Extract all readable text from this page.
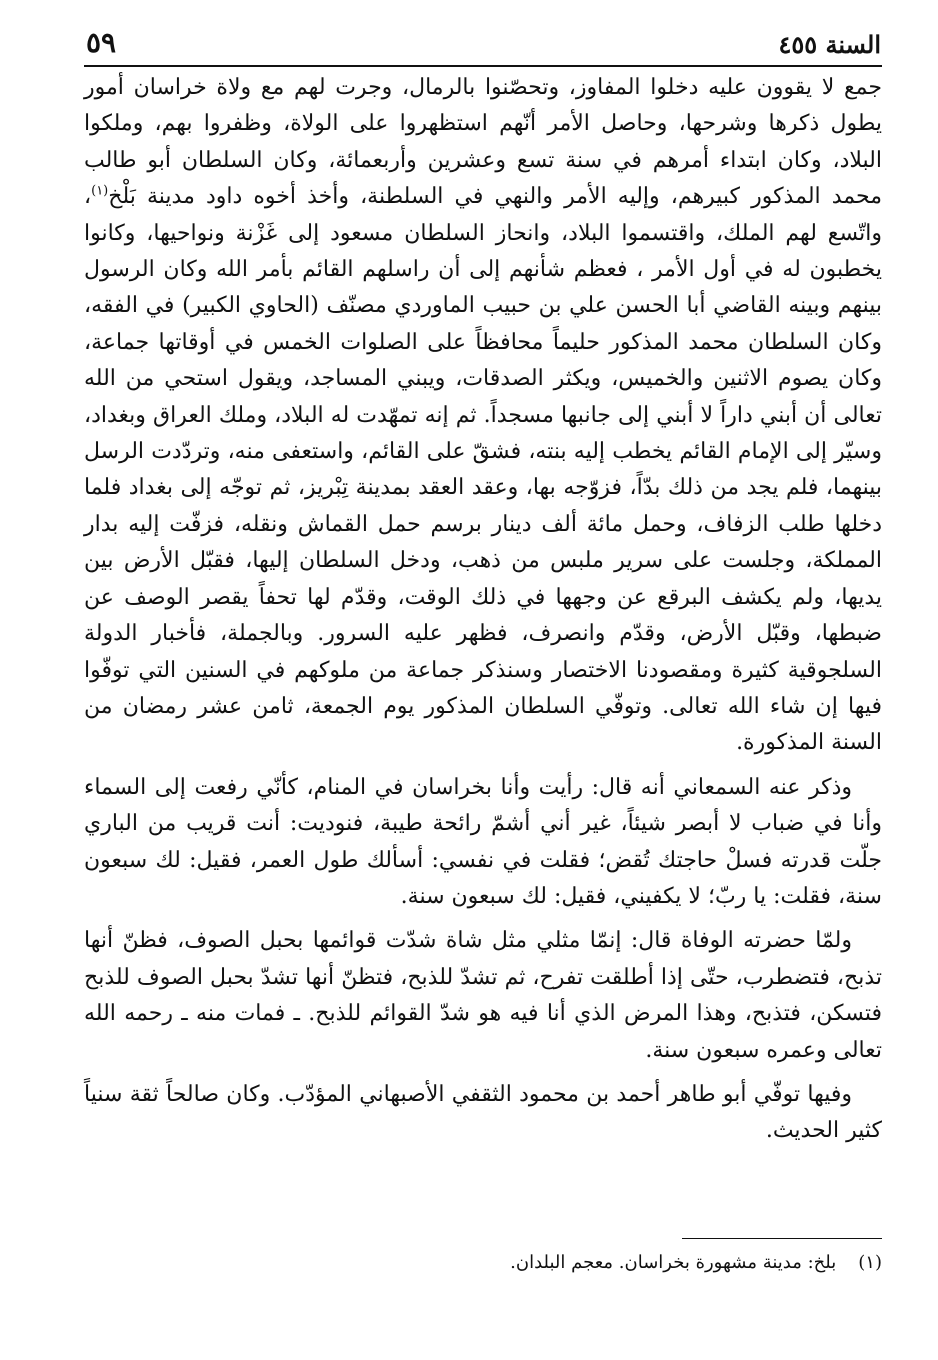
السنة ٤٥٥
٥٩

جمع لا يقوون عليه دخلوا المفاوز، وتحصّنوا بالرمال، وجرت لهم مع ولاة خراسان أمور يطول ذكرها وشرحها، وحاصل الأمر أنّهم استظهروا على الولاة، وظفروا بهم، وملكوا البلاد، وكان ابتداء أمرهم في سنة تسع وعشرين وأربعمائة، وكان السلطان أبو طالب محمد المذكور كبيرهم، وإليه الأمر والنهي في السلطنة، وأخذ أخوه داود مدينة بَلْخ$^{(١)}$، واتّسع لهم الملك، واقتسموا البلاد، وانحاز السلطان مسعود إلى غَزْنة ونواحيها، وكانوا يخطبون له في أول الأمر ، فعظم شأنهم إلى أن راسلهم القائم بأمر الله وكان الرسول بينهم وبينه القاضي أبا الحسن علي بن حبيب الماوردي مصنّف (الحاوي الكبير) في الفقه، وكان السلطان محمد المذكور حليماً محافظاً على الصلوات الخمس في أوقاتها جماعة، وكان يصوم الاثنين والخميس، ويكثر الصدقات، ويبني المساجد، ويقول استحي من الله تعالى أن أبني داراً لا أبني إلى جانبها مسجداً. ثم إنه تمهّدت له البلاد، وملك العراق وبغداد، وسيّر إلى الإمام القائم يخطب إليه بنته، فشقّ على القائم، واستعفى منه، وتردّدت الرسل بينهما، فلم يجد من ذلك بدّاً، فزوّجه بها، وعقد العقد بمدينة تِبْريز، ثم توجّه إلى بغداد فلما دخلها طلب الزفاف، وحمل مائة ألف دينار برسم حمل القماش ونقله، فزفّت إليه بدار المملكة، وجلست على سرير ملبس من ذهب، ودخل السلطان إليها، فقبّل الأرض بين يديها، ولم يكشف البرقع عن وجهها في ذلك الوقت، وقدّم لها تحفاً يقصر الوصف عن ضبطها، وقبّل الأرض، وقدّم وانصرف، فظهر عليه السرور. وبالجملة، فأخبار الدولة السلجوقية كثيرة ومقصودنا الاختصار وسنذكر جماعة من ملوكهم في السنين التي توفّوا فيها إن شاء الله تعالى. وتوفّي السلطان المذكور يوم الجمعة، ثامن عشر رمضان من السنة المذكورة.

وذكر عنه السمعاني أنه قال: رأيت وأنا بخراسان في المنام، كأنّي رفعت إلى السماء وأنا في ضباب لا أبصر شيئاً، غير أني أشمّ رائحة طيبة، فنوديت: أنت قريب من الباري جلّت قدرته فسلْ حاجتك تُقض؛ فقلت في نفسي: أسألك طول العمر، فقيل: لك سبعون سنة، فقلت: يا ربّ؛ لا يكفيني، فقيل: لك سبعون سنة.

ولمّا حضرته الوفاة قال: إنمّا مثلي مثل شاة شدّت قوائمها بحبل الصوف، فظنّ أنها تذبح، فتضطرب، حتّى إذا أطلقت تفرح، ثم تشدّ للذبح، فتظنّ أنها تشدّ بحبل الصوف للذبح فتسكن، فتذبح، وهذا المرض الذي أنا فيه هو شدّ القوائم للذبح. ـ فمات منه ـ رحمه الله تعالى وعمره سبعون سنة.

وفيها توفّي أبو طاهر أحمد بن محمود الثقفي الأصبهاني المؤدّب. وكان صالحاً ثقة سنياً كثير الحديث.

(١)بلخ: مدينة مشهورة بخراسان. معجم البلدان.
